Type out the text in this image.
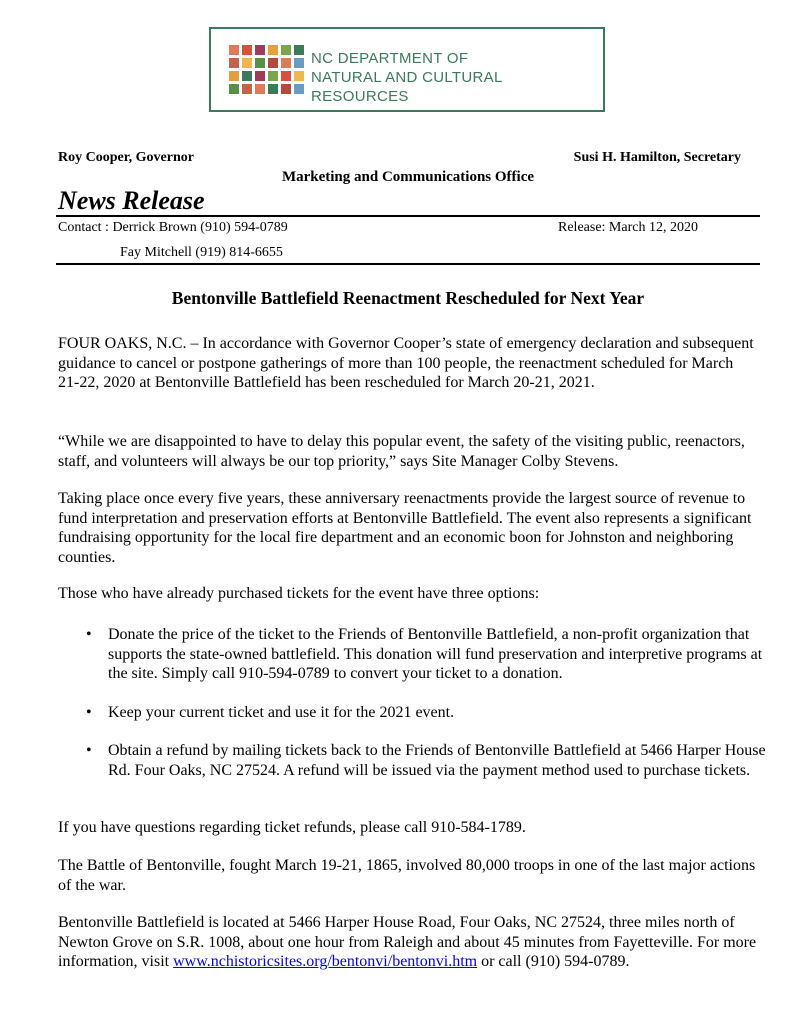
NC DEPARTMENT OF
NATURAL AND CULTURAL RESOURCES
Roy Cooper, Governor	Susi H. Hamilton, Secretary
Marketing and Communications Office
News Release
Contact : Derrick Brown (910) 594-0789	Release: March 12, 2020
Fay Mitchell (919) 814-6655
Bentonville Battlefield Reenactment Rescheduled for Next Year

FOUR OAKS, N.C. – In accordance with Governor Cooper’s state of emergency declaration and subsequent guidance to cancel or postpone gatherings of more than 100 people, the reenactment scheduled for March 21-22, 2020 at Bentonville Battlefield has been rescheduled for March 20-21, 2021.

“While we are disappointed to have to delay this popular event, the safety of the visiting public, reenactors, staff, and volunteers will always be our top priority,” says Site Manager Colby Stevens.

Taking place once every five years, these anniversary reenactments provide the largest source of revenue to fund interpretation and preservation efforts at Bentonville Battlefield. The event also represents a significant fundraising opportunity for the local fire department and an economic boon for Johnston and neighboring counties.

Those who have already purchased tickets for the event have three options:

• Donate the price of the ticket to the Friends of Bentonville Battlefield, a non-profit organization that supports the state-owned battlefield. This donation will fund preservation and interpretive programs at the site. Simply call 910-594-0789 to convert your ticket to a donation.
• Keep your current ticket and use it for the 2021 event.
• Obtain a refund by mailing tickets back to the Friends of Bentonville Battlefield at 5466 Harper House Rd. Four Oaks, NC 27524. A refund will be issued via the payment method used to purchase tickets.

If you have questions regarding ticket refunds, please call 910-584-1789.

The Battle of Bentonville, fought March 19-21, 1865, involved 80,000 troops in one of the last major actions of the war.

Bentonville Battlefield is located at 5466 Harper House Road, Four Oaks, NC 27524, three miles north of Newton Grove on S.R. 1008, about one hour from Raleigh and about 45 minutes from Fayetteville. For more information, visit www.nchistoricsites.org/bentonvi/bentonvi.htm or call (910) 594-0789.
